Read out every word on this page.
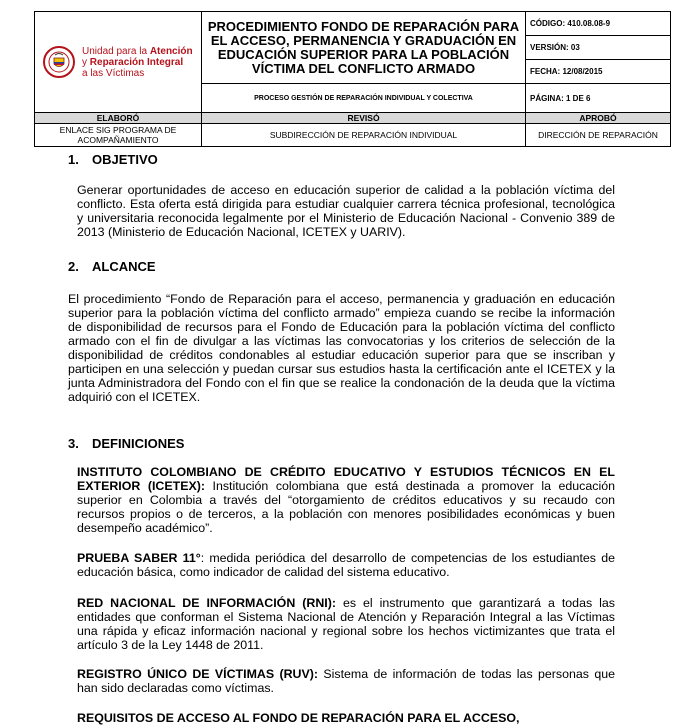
Unidad para la Atención
y Reparación Integral
a las Víctimas	PROCEDIMIENTO FONDO DE REPARACIÓN PARA EL ACCESO, PERMANENCIA Y GRADUACIÓN EN EDUCACIÓN SUPERIOR PARA LA POBLACIÓN VÍCTIMA DEL CONFLICTO ARMADO	CÓDIGO: 410.08.08-9
		VERSIÓN: 03
		FECHA: 12/08/2015
	PROCESO GESTIÓN DE REPARACIÓN INDIVIDUAL Y COLECTIVA	PÁGINA: 1 DE 6
ELABORÓ	REVISÓ	APROBÓ
ENLACE SIG PROGRAMA DE ACOMPAÑAMIENTO	SUBDIRECCIÓN DE REPARACIÓN INDIVIDUAL	DIRECCIÓN DE REPARACIÓN
1. OBJETIVO
Generar oportunidades de acceso en educación superior de calidad a la población víctima del conflicto. Esta oferta está dirigida para estudiar cualquier carrera técnica profesional, tecnológica y universitaria reconocida legalmente por el Ministerio de Educación Nacional - Convenio 389 de 2013 (Ministerio de Educación Nacional, ICETEX y UARIV).
2. ALCANCE
El procedimiento “Fondo de Reparación para el acceso, permanencia y graduación en educación superior para la población víctima del conflicto armado” empieza cuando se recibe la información de disponibilidad de recursos para el Fondo de Educación para la población víctima del conflicto armado con el fin de divulgar a las víctimas las convocatorias y los criterios de selección de la disponibilidad de créditos condonables al estudiar educación superior para que se inscriban y participen en una selección y puedan cursar sus estudios hasta la certificación ante el ICETEX y la junta Administradora del Fondo con el fin que se realice la condonación de la deuda que la víctima adquirió con el ICETEX.
3. DEFINICIONES
INSTITUTO COLOMBIANO DE CRÉDITO EDUCATIVO Y ESTUDIOS TÉCNICOS EN EL EXTERIOR (ICETEX): Institución colombiana que está destinada a promover la educación superior en Colombia a través del “otorgamiento de créditos educativos y su recaudo con recursos propios o de terceros, a la población con menores posibilidades económicas y buen desempeño académico”.
PRUEBA SABER 11°: medida periódica del desarrollo de competencias de los estudiantes de educación básica, como indicador de calidad del sistema educativo.
RED NACIONAL DE INFORMACIÓN (RNI): es el instrumento que garantizará a todas las entidades que conforman el Sistema Nacional de Atención y Reparación Integral a las Víctimas una rápida y eficaz información nacional y regional sobre los hechos victimizantes que trata el artículo 3 de la Ley 1448 de 2011.
REGISTRO ÚNICO DE VÍCTIMAS (RUV): Sistema de información de todas las personas que han sido declaradas como víctimas.
REQUISITOS DE ACCESO AL FONDO DE REPARACIÓN PARA EL ACCESO,
